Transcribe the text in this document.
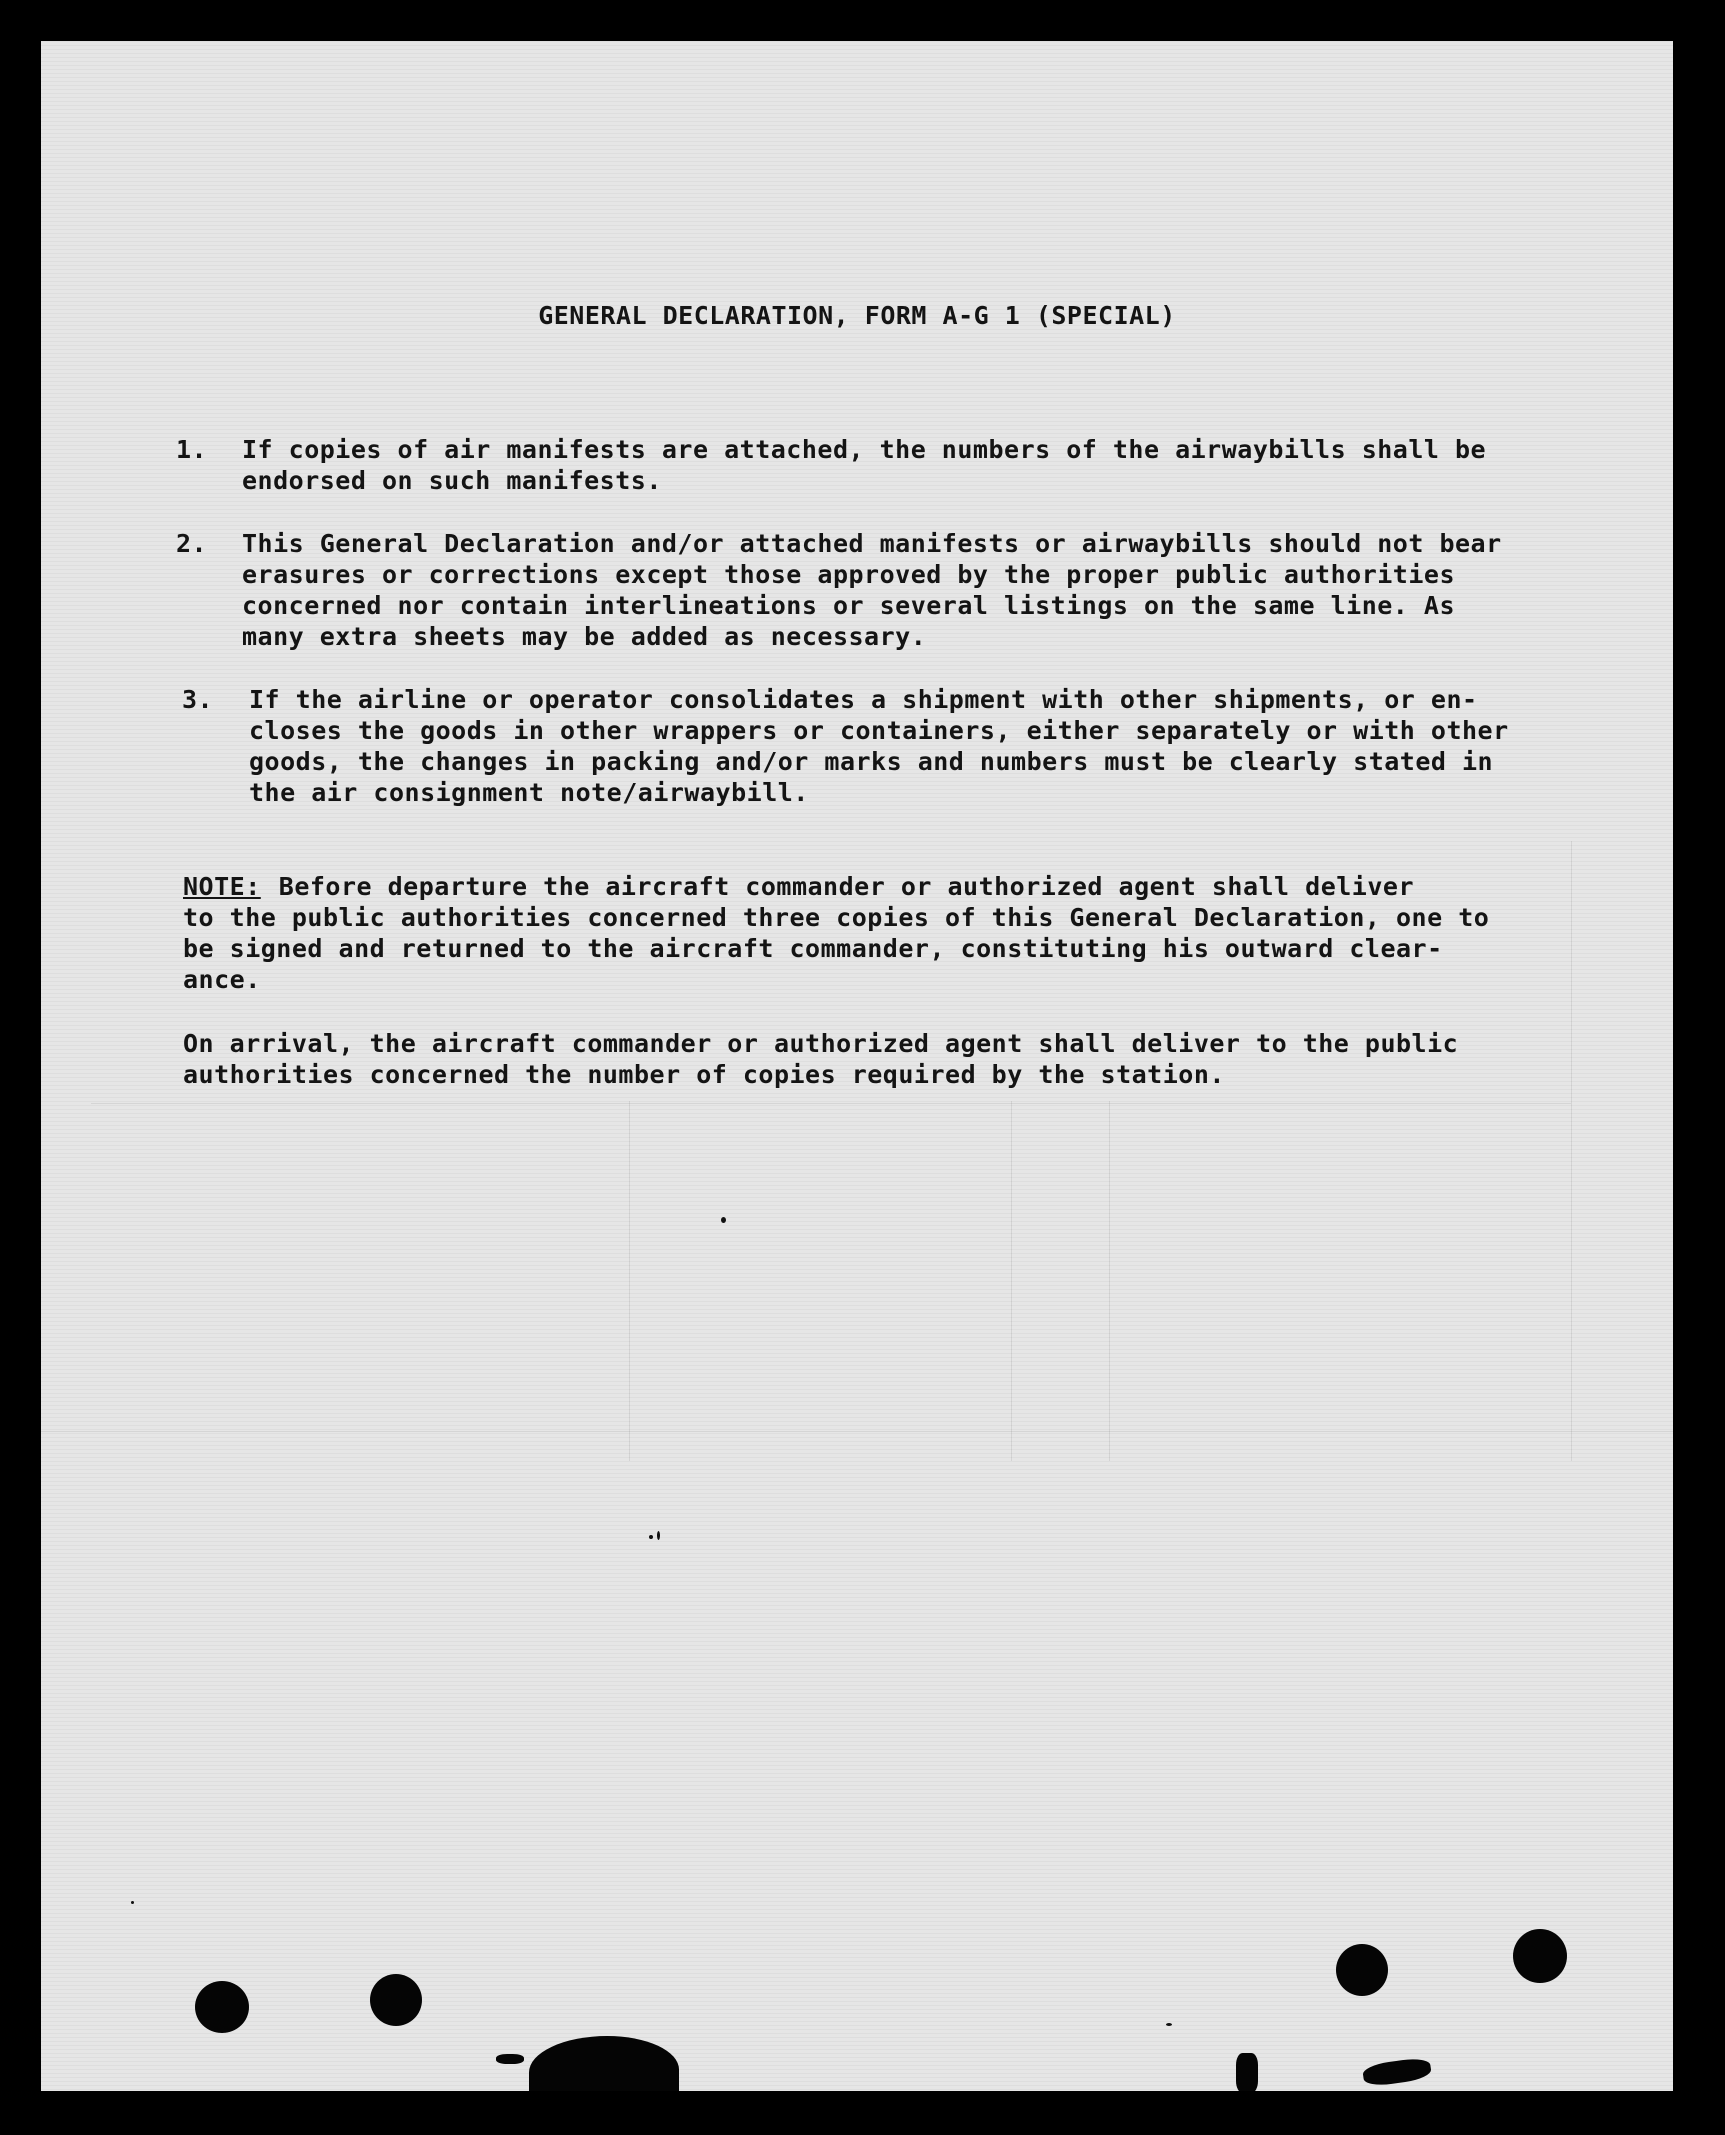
GENERAL DECLARATION, FORM A-G 1 (SPECIAL)
1.	If copies of air manifests are attached, the numbers of the airwaybills shall be
endorsed on such manifests.
2.	This General Declaration and/or attached manifests or airwaybills should not bear
erasures or corrections except those approved by the proper public authorities
concerned nor contain interlineations or several listings on the same line. As
many extra sheets may be added as necessary.
3.	If the airline or operator consolidates a shipment with other shipments, or en-
closes the goods in other wrappers or containers, either separately or with other
goods, the changes in packing and/or marks and numbers must be clearly stated in
the air consignment note/airwaybill.
NOTE: Before departure the aircraft commander or authorized agent shall deliver
to the public authorities concerned three copies of this General Declaration, one to
be signed and returned to the aircraft commander, constituting his outward clear-
ance.
On arrival, the aircraft commander or authorized agent shall deliver to the public
authorities concerned the number of copies required by the station.
